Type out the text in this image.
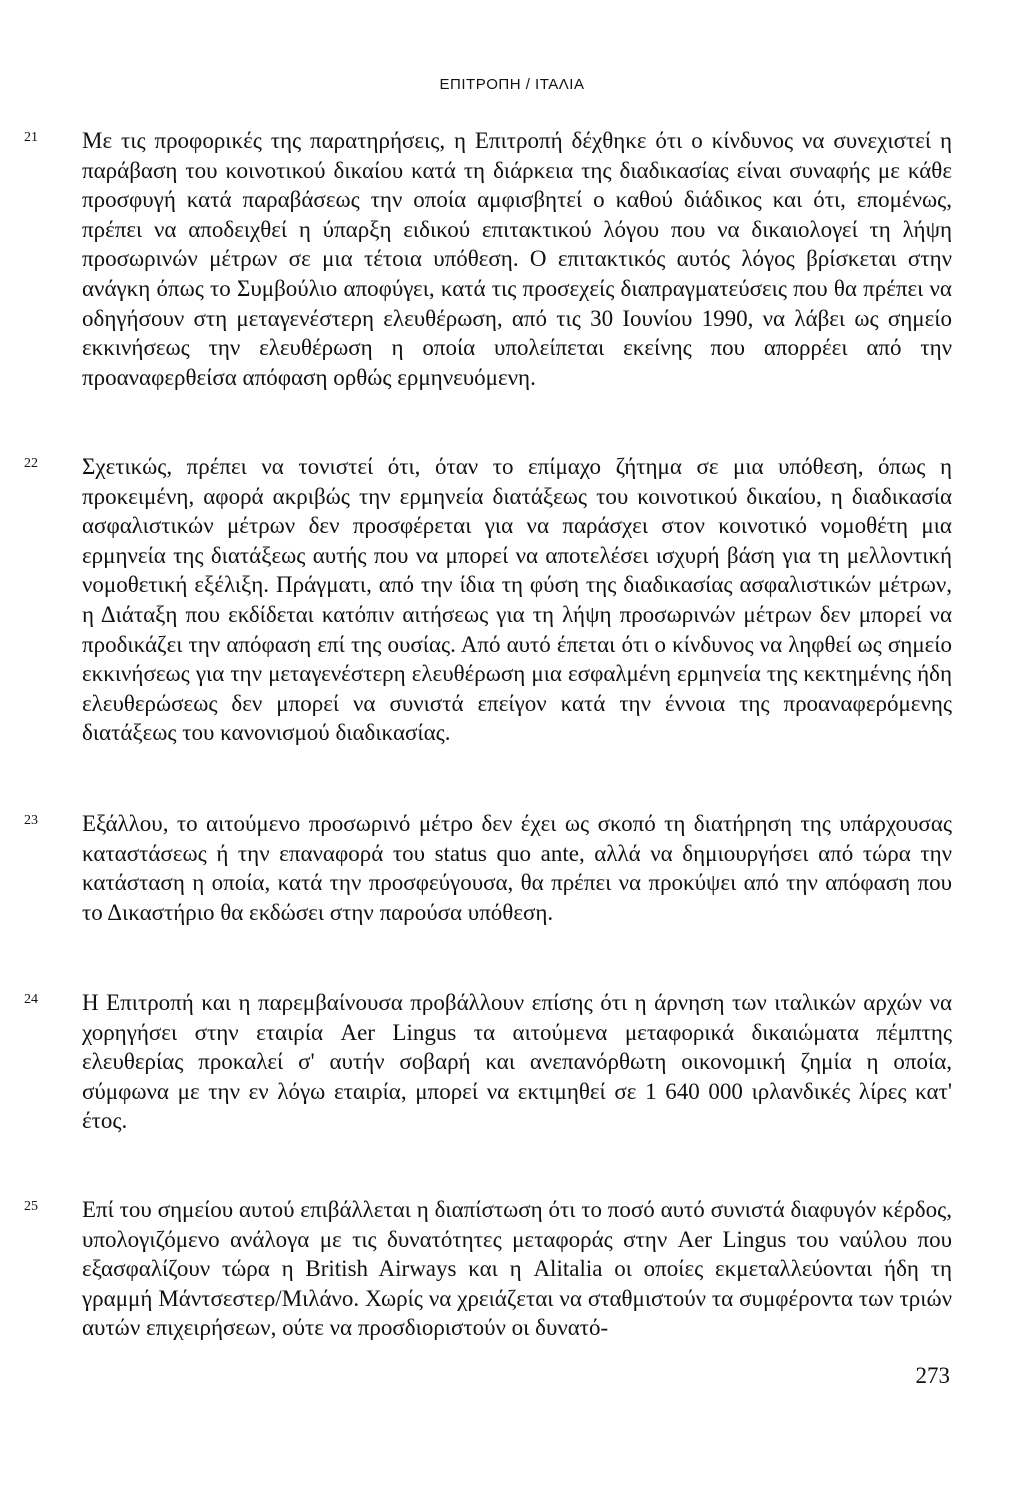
ΕΠΙΤΡΟΠΗ / ΙΤΑΛΙΑ
21	Με τις προφορικές της παρατηρήσεις, η Επιτροπή δέχθηκε ότι ο κίνδυνος να συνεχιστεί η παράβαση του κοινοτικού δικαίου κατά τη διάρκεια της διαδικασίας είναι συναφής με κάθε προσφυγή κατά παραβάσεως την οποία αμφισβητεί ο καθού διάδικος και ότι, επομένως, πρέπει να αποδειχθεί η ύπαρξη ειδικού επιτακτικού λόγου που να δικαιολογεί τη λήψη προσωρινών μέτρων σε μια τέτοια υπόθεση. Ο επιτακτικός αυτός λόγος βρίσκεται στην ανάγκη όπως το Συμβούλιο αποφύγει, κατά τις προσεχείς διαπραγματεύσεις που θα πρέπει να οδηγήσουν στη μεταγενέστερη ελευθέρωση, από τις 30 Ιουνίου 1990, να λάβει ως σημείο εκκινήσεως την ελευθέρωση η οποία υπολείπεται εκείνης που απορρέει από την προαναφερθείσα απόφαση ορθώς ερμηνευόμενη.
22	Σχετικώς, πρέπει να τονιστεί ότι, όταν το επίμαχο ζήτημα σε μια υπόθεση, όπως η προκειμένη, αφορά ακριβώς την ερμηνεία διατάξεως του κοινοτικού δικαίου, η διαδικασία ασφαλιστικών μέτρων δεν προσφέρεται για να παράσχει στον κοινοτικό νομοθέτη μια ερμηνεία της διατάξεως αυτής που να μπορεί να αποτελέσει ισχυρή βάση για τη μελλοντική νομοθετική εξέλιξη. Πράγματι, από την ίδια τη φύση της διαδικασίας ασφαλιστικών μέτρων, η Διάταξη που εκδίδεται κατόπιν αιτήσεως για τη λήψη προσωρινών μέτρων δεν μπορεί να προδικάζει την απόφαση επί της ουσίας. Από αυτό έπεται ότι ο κίνδυνος να ληφθεί ως σημείο εκκινήσεως για την μεταγενέστερη ελευθέρωση μια εσφαλμένη ερμηνεία της κεκτημένης ήδη ελευθερώσεως δεν μπορεί να συνιστά επείγον κατά την έννοια της προαναφερόμενης διατάξεως του κανονισμού διαδικασίας.
23	Εξάλλου, το αιτούμενο προσωρινό μέτρο δεν έχει ως σκοπό τη διατήρηση της υπάρχουσας καταστάσεως ή την επαναφορά του status quo ante, αλλά να δημιουργήσει από τώρα την κατάσταση η οποία, κατά την προσφεύγουσα, θα πρέπει να προκύψει από την απόφαση που το Δικαστήριο θα εκδώσει στην παρούσα υπόθεση.
24	Η Επιτροπή και η παρεμβαίνουσα προβάλλουν επίσης ότι η άρνηση των ιταλικών αρχών να χορηγήσει στην εταιρία Aer Lingus τα αιτούμενα μεταφορικά δικαιώματα πέμπτης ελευθερίας προκαλεί σ' αυτήν σοβαρή και ανεπανόρθωτη οικονομική ζημία η οποία, σύμφωνα με την εν λόγω εταιρία, μπορεί να εκτιμηθεί σε 1 640 000 ιρλανδικές λίρες κατ' έτος.
25	Επί του σημείου αυτού επιβάλλεται η διαπίστωση ότι το ποσό αυτό συνιστά διαφυγόν κέρδος, υπολογιζόμενο ανάλογα με τις δυνατότητες μεταφοράς στην Aer Lingus του ναύλου που εξασφαλίζουν τώρα η British Airways και η Alitalia οι οποίες εκμεταλλεύονται ήδη τη γραμμή Μάντσεστερ/Μιλάνο. Χωρίς να χρειάζεται να σταθμιστούν τα συμφέροντα των τριών αυτών επιχειρήσεων, ούτε να προσδιοριστούν οι δυνατό-
273
